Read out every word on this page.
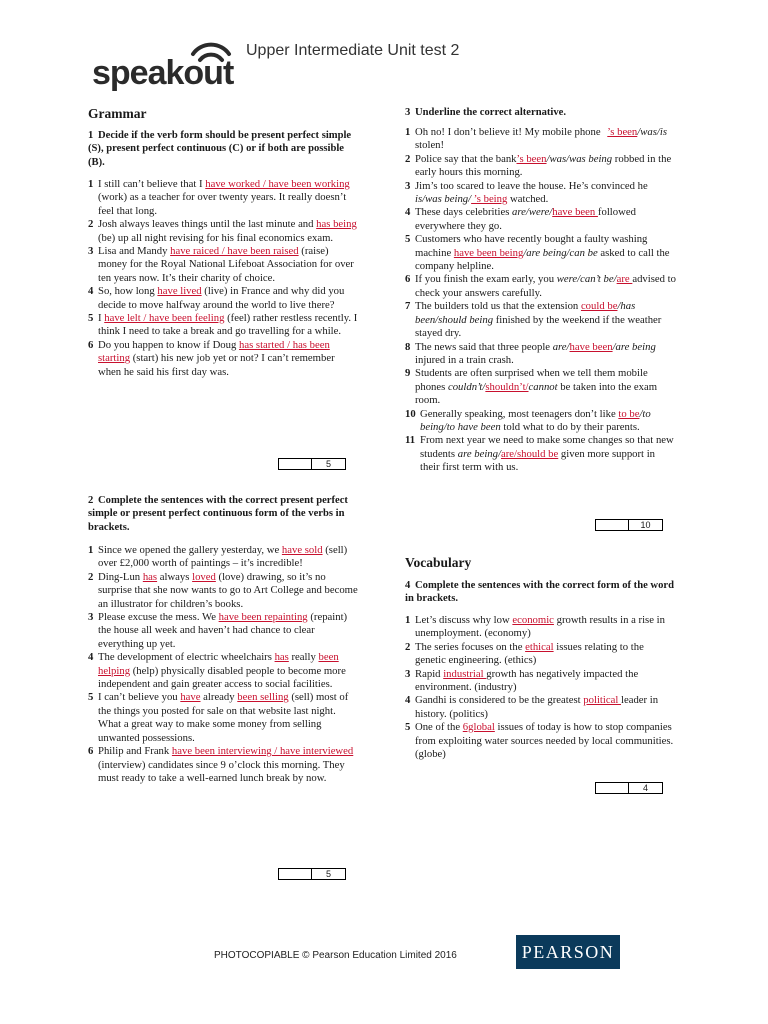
speakout
Upper Intermediate Unit test 2
Grammar
1 Decide if the verb form should be present perfect simple (S), present perfect continuous (C) or if both are possible (B).
1 I still can’t believe that I have worked / have been working (work) as a teacher for over twenty years. It really doesn’t feel that long.
2 Josh always leaves things until the last minute and has being (be) up all night revising for his final economics exam.
3 Lisa and Mandy have raiced / have been raised (raise) money for the Royal National Lifeboat Association for over ten years now. It’s their charity of choice.
4 So, how long have lived (live) in France and why did you decide to move halfway around the world to live there?
5 I have lelt / have been feeling (feel) rather restless recently. I think I need to take a break and go travelling for a while.
6 Do you happen to know if Doug has started / has been starting (start) his new job yet or not? I can’t remember when he said his first day was.
5
2 Complete the sentences with the correct present perfect simple or present perfect continuous form of the verbs in brackets.
1 Since we opened the gallery yesterday, we have sold (sell) over £2,000 worth of paintings – it’s incredible!
2 Ding-Lun has always loved (love) drawing, so it’s no surprise that she now wants to go to Art College and become an illustrator for children’s books.
3 Please excuse the mess. We have been repainting (repaint) the house all week and haven’t had chance to clear everything up yet.
4 The development of electric wheelchairs has really been helping (help) physically disabled people to become more independent and gain greater access to social facilities.
5 I can’t believe you have already been selling (sell) most of the things you posted for sale on that website last night. What a great way to make some money from selling unwanted possessions.
6 Philip and Frank have been interviewing / have interviewed (interview) candidates since 9 o’clock this morning. They must ready to take a well-earned lunch break by now.
5
3 Underline the correct alternative.
1 Oh no! I don’t believe it! My mobile phone ’s been/was/is stolen!
2 Police say that the bank’s been/was/was being robbed in the early hours this morning.
3 Jim’s too scared to leave the house. He’s convinced he is/was being/ ’s being watched.
4 These days celebrities are/were/have been followed everywhere they go.
5 Customers who have recently bought a faulty washing machine have been being/are being/can be asked to call the company helpline.
6 If you finish the exam early, you were/can’t be/are advised to check your answers carefully.
7 The builders told us that the extension could be/has been/should being finished by the weekend if the weather stayed dry.
8 The news said that three people are/have been/are being injured in a train crash.
9 Students are often surprised when we tell them mobile phones couldn’t/shouldn’t/cannot be taken into the exam room.
10 Generally speaking, most teenagers don’t like to be/to being/to have been told what to do by their parents.
11 From next year we need to make some changes so that new students are being/are/should be given more support in their first term with us.
10
Vocabulary
4 Complete the sentences with the correct form of the word in brackets.
1 Let’s discuss why low economic growth results in a rise in unemployment. (economy)
2 The series focuses on the ethical issues relating to the genetic engineering. (ethics)
3 Rapid industrial growth has negatively impacted the environment. (industry)
4 Gandhi is considered to be the greatest political leader in history. (politics)
5 One of the 6global issues of today is how to stop companies from exploiting water sources needed by local communities. (globe)
4
PHOTOCOPIABLE © Pearson Education Limited 2016	PEARSON
